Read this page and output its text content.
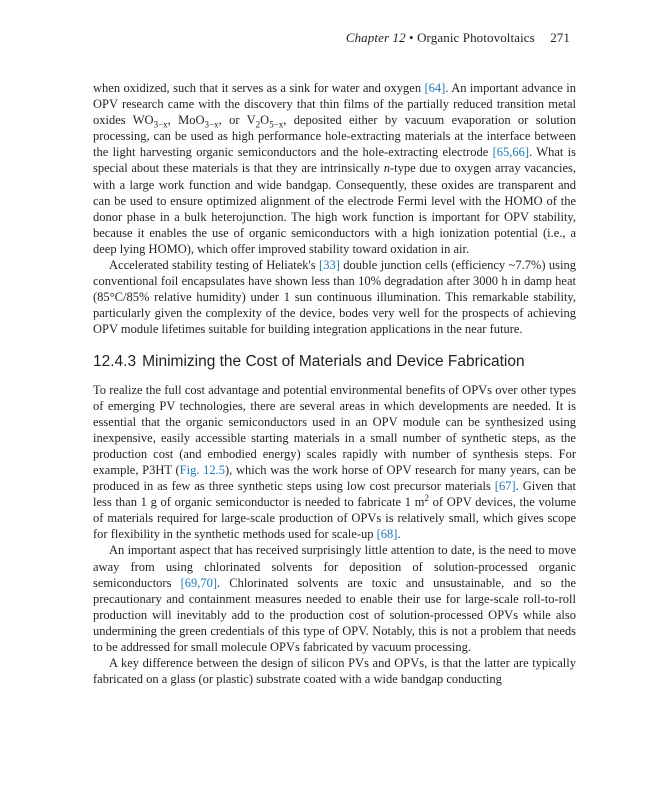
Chapter 12 • Organic Photovoltaics 271

when oxidized, such that it serves as a sink for water and oxygen [64]. An important advance in OPV research came with the discovery that thin films of the partially reduced transition metal oxides $WO_{3-x}$, MoO$_{3-x}$, or $V_2O_{5-x}$, deposited either by vacuum evaporation or solution processing, can be used as high performance hole-extracting materials at the interface between the light harvesting organic semiconductors and the hole-extracting electrode [65,66]. What is special about these materials is that they are intrinsically n-type due to oxygen array vacancies, with a large work function and wide bandgap. Consequently, these oxides are transparent and can be used to ensure optimized alignment of the electrode Fermi level with the HOMO of the donor phase in a bulk heterojunction. The high work function is important for OPV stability, because it enables the use of organic semiconductors with a high ionization potential (i.e., a deep lying HOMO), which offer improved stability toward oxidation in air.

Accelerated stability testing of Heliatek's [33] double junction cells (efficiency ~7.7%) using conventional foil encapsulates have shown less than 10% degradation after 3000 h in damp heat (85°C/85% relative humidity) under 1 sun continuous illumination. This remarkable stability, particularly given the complexity of the device, bodes very well for the prospects of achieving OPV module lifetimes suitable for building integration applications in the near future.

12.4.3 Minimizing the Cost of Materials and Device Fabrication

To realize the full cost advantage and potential environmental benefits of OPVs over other types of emerging PV technologies, there are several areas in which developments are needed. It is essential that the organic semiconductors used in an OPV module can be synthesized using inexpensive, easily accessible starting materials in a small number of synthetic steps, as the production cost (and embodied energy) scales rapidly with number of synthesis steps. For example, P3HT (Fig. 12.5), which was the work horse of OPV research for many years, can be produced in as few as three synthetic steps using low cost precursor materials [67]. Given that less than 1 g of organic semiconductor is needed to fabricate 1 $m^2$ of OPV devices, the volume of materials required for large-scale production of OPVs is relatively small, which gives scope for flexibility in the synthetic methods used for scale-up [68].

An important aspect that has received surprisingly little attention to date, is the need to move away from using chlorinated solvents for deposition of solution-processed organic semiconductors [69,70]. Chlorinated solvents are toxic and unsustainable, and so the precautionary and containment measures needed to enable their use for large-scale roll-to-roll production will inevitably add to the production cost of solution-processed OPVs while also undermining the green credentials of this type of OPV. Notably, this is not a problem that needs to be addressed for small molecule OPVs fabricated by vacuum processing.

A key difference between the design of silicon PVs and OPVs, is that the latter are typically fabricated on a glass (or plastic) substrate coated with a wide bandgap conducting
